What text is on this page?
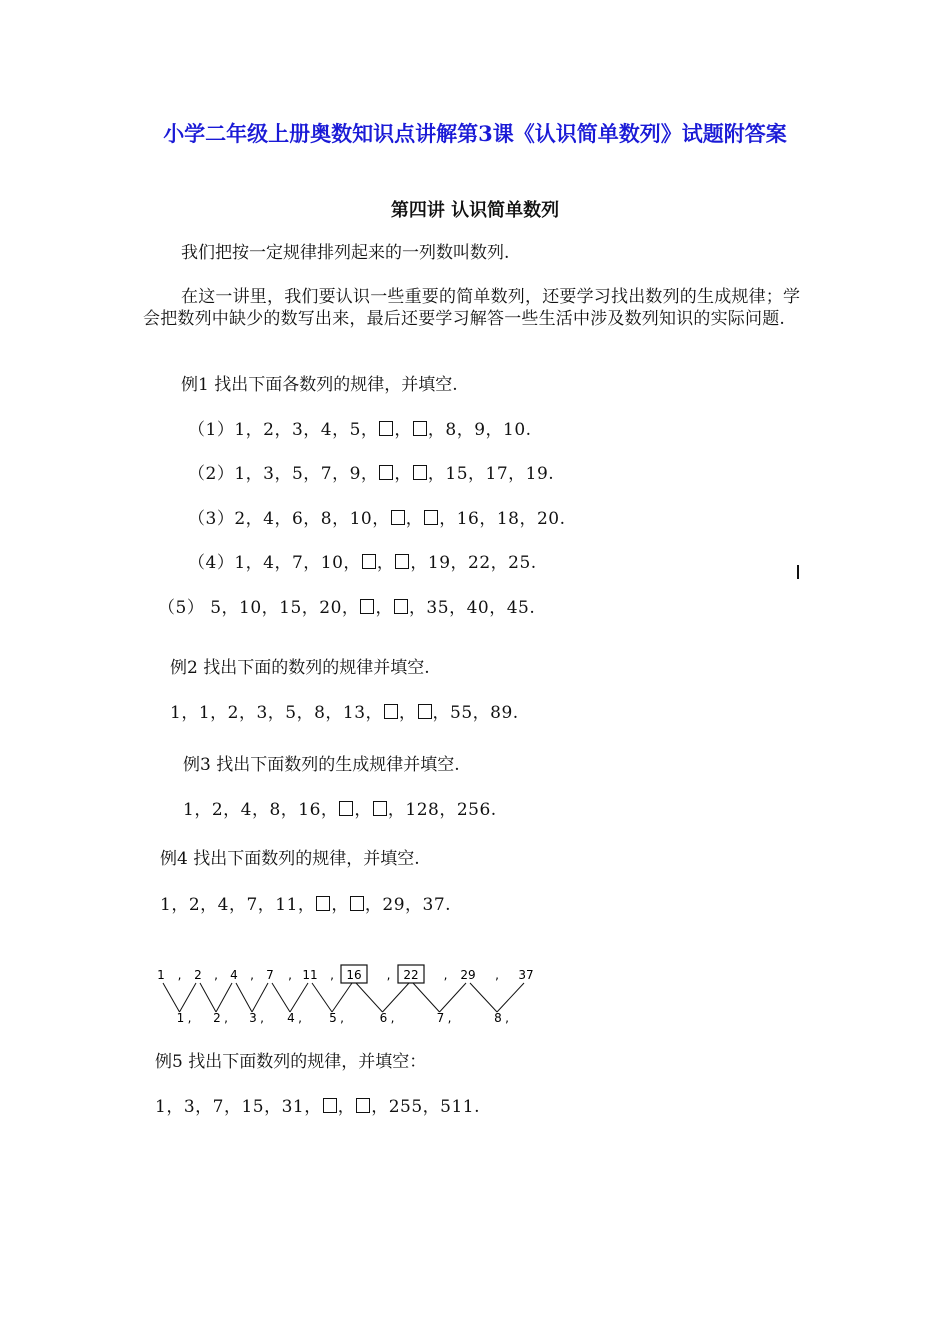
小学二年级上册奥数知识点讲解第3课《认识简单数列》试题附答案
第四讲 认识简单数列
我们把按一定规律排列起来的一列数叫数列.
在这一讲里，我们要认识一些重要的简单数列，还要学习找出数列的生成规律；学会把数列中缺少的数写出来，最后还要学习解答一些生活中涉及数列知识的实际问题.
例1 找出下面各数列的规律，并填空.
（1）1，2，3，4，5， ， ，8，9，10.
（2）1，3，5，7，9， ， ，15，17，19.
（3）2，4，6，8，10， ， ，16，18，20.
（4）1，4，7，10， ， ，19，22，25.
（5） 5，10，15，20， ， ，35，40，45.
例2 找出下面的数列的规律并填空.
1，1，2，3，5，8，13， ， ，55，89.
例3 找出下面数列的生成规律并填空.
1，2，4，8，16， ， ，128，256.
例4 找出下面数列的规律，并填空.
1，2，4，7，11， ， ，29，37.
1 , 2 , 4 , 7 , 11 , 16 , 22 , 29 , 37
1 , 2 , 3 , 4 , 5 ,	6 ,	7 ,	8 ,
例5 找出下面数列的规律，并填空：
1，3，7，15，31， ， ，255，511.
